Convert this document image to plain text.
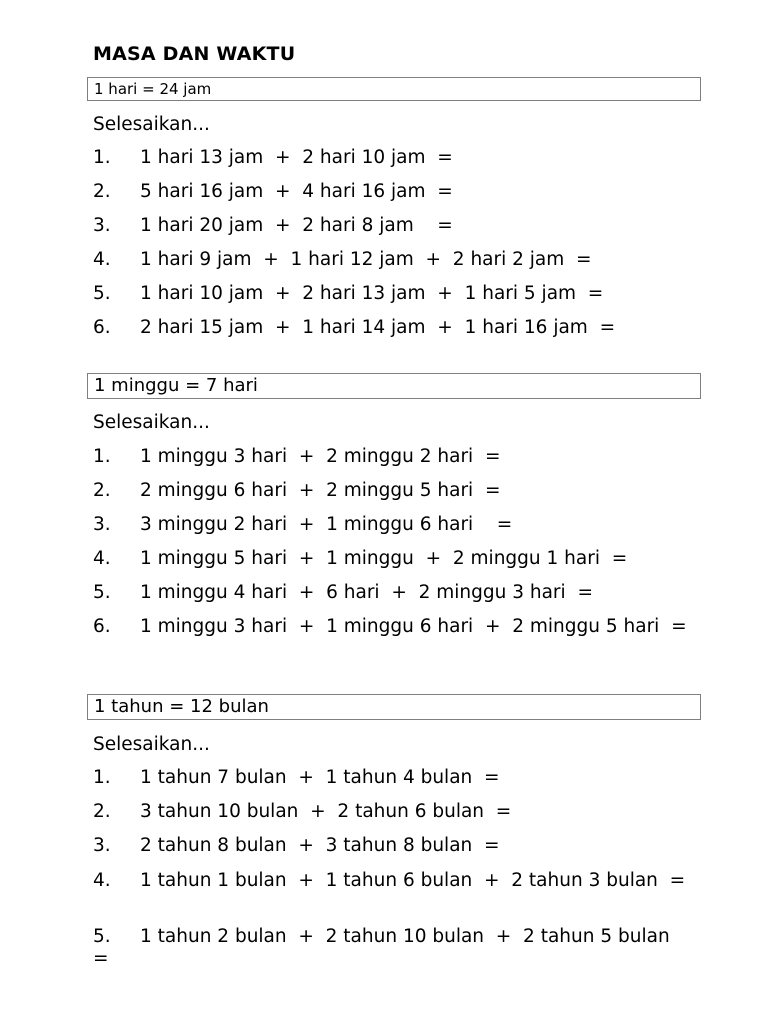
MASA DAN WAKTU
1 hari = 24 jam
Selesaikan...
1. 1 hari 13 jam  +  2 hari 10 jam  =
2. 5 hari 16 jam  +  4 hari 16 jam  =
3. 1 hari 20 jam  +  2 hari 8 jam    =
4. 1 hari 9 jam  +  1 hari 12 jam  +  2 hari 2 jam  =
5. 1 hari 10 jam  +  2 hari 13 jam  +  1 hari 5 jam  =
6. 2 hari 15 jam  +  1 hari 14 jam  +  1 hari 16 jam  =
1 minggu = 7 hari
Selesaikan...
1. 1 minggu 3 hari  +  2 minggu 2 hari  =
2. 2 minggu 6 hari  +  2 minggu 5 hari  =
3. 3 minggu 2 hari  +  1 minggu 6 hari    =
4. 1 minggu 5 hari  +  1 minggu  +  2 minggu 1 hari  =
5. 1 minggu 4 hari  +  6 hari  +  2 minggu 3 hari  =
6. 1 minggu 3 hari  +  1 minggu 6 hari  +  2 minggu 5 hari  =
1 tahun = 12 bulan
Selesaikan...
1. 1 tahun 7 bulan  +  1 tahun 4 bulan  =
2. 3 tahun 10 bulan  +  2 tahun 6 bulan  =
3. 2 tahun 8 bulan  +  3 tahun 8 bulan  =
4. 1 tahun 1 bulan  +  1 tahun 6 bulan  +  2 tahun 3 bulan  =
5. 1 tahun 2 bulan  +  2 tahun 10 bulan  +  2 tahun 5 bulan  =
